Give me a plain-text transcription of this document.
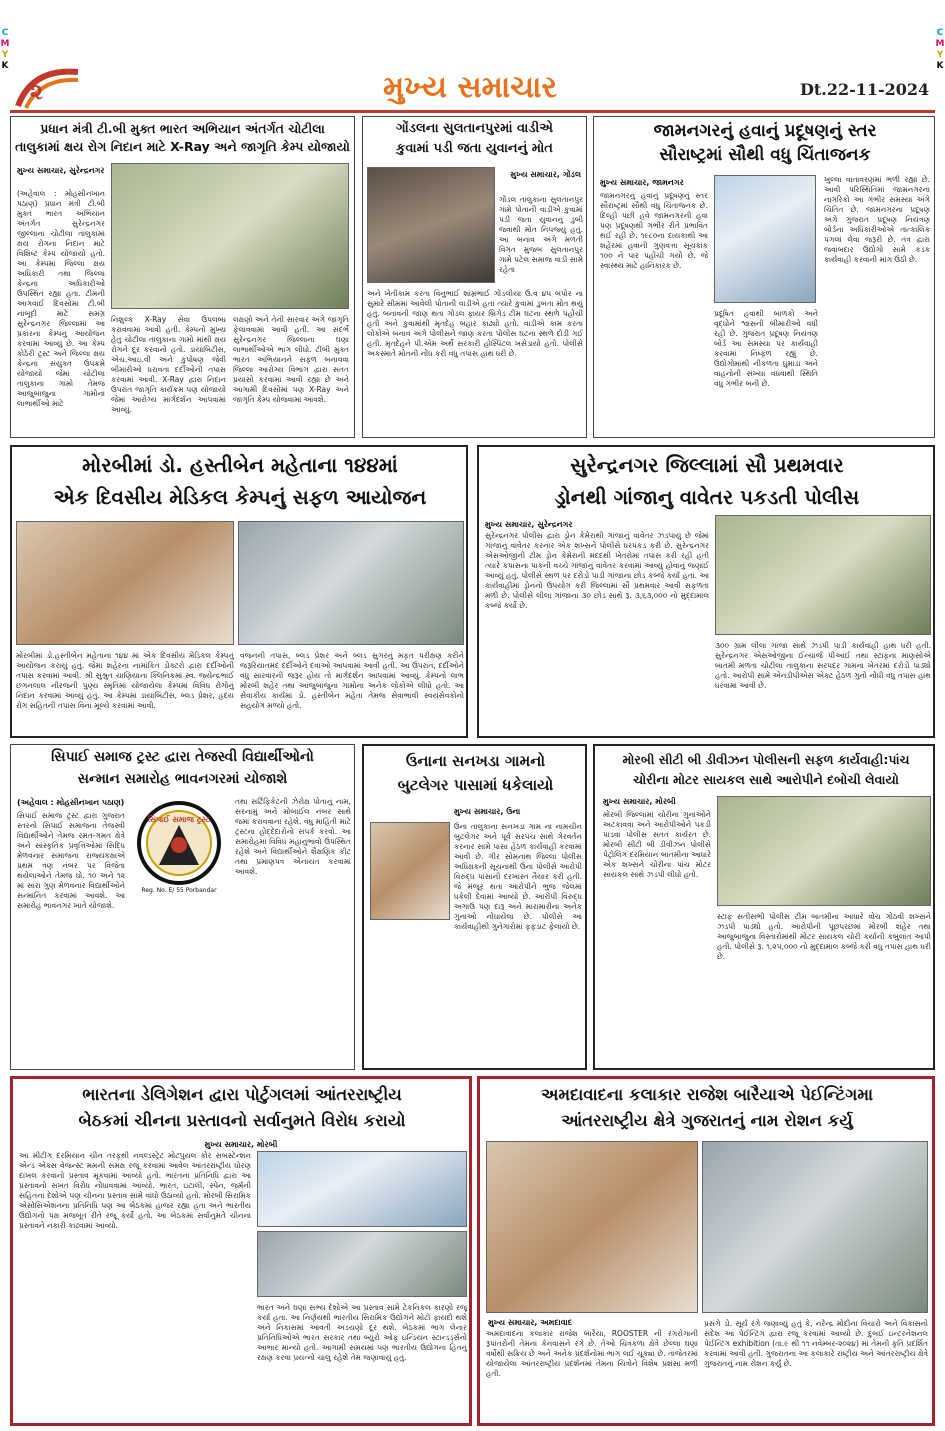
C
M
Y
K
C
M
Y
K
૨	મુખ્ય સમાચાર	Dt.22-11-2024
પ્રધાન મંત્રી ટી.બી મુક્ત ભારત અભિયાન અંતર્ગત ચોટીલા
તાલુકામાં ક્ષય રોગ નિદાન માટે X-Ray અને જાગૃતિ કેમ્પ યોજાયો
મુખ્ય સમાચાર, સુરેન્દ્રનગર
(અહેવાલ : મોહસીનખાન પઠાણ) પ્રધાન મંત્રી ટી.બી મુક્ત ભારત અભિયાન અંતર્ગત સુરેન્દ્રનગર જીલ્લાના ચોટીલા તાલુકામાં ક્ષય રોગના નિદાન માટે વિશિષ્ટ કેમ્પ યોજાયો હતો. આ કેમ્પમાં જિલ્લા ક્ષય અધિકારી તથા જિલ્લા કેન્દ્રના અધિકારીઓ ઉપસ્થિત રહ્યા હતા. ટીમની આગવાઈ દિવસોમાં ટી.બી નાબૂદી માટે સમગ્ર સુરેન્દ્રનગર જિલ્લામાં આ પ્રકારના કેમ્પનું આયોજન કરવામાં આવ્યું છે. આ કેમ્પ કોઠેરી ટ્રસ્ટ અને જિલ્લા ક્ષય કેન્દ્રના સંયુક્ત ઉપક્રમે યોજાયો જેમાં ચોટીલા તાલુકાના ગામો તેમજ આજુબાજુના ગામોના લાભાર્થીઓ માટે
નિશુલ્ક X-Ray સેવા ઉપલબ્ધ કરાવવામાં આવી હતી. કેમ્પનો મુખ્ય હેતુ ચોટીલા તાલુકાના ગામો માંથી ક્ષય રોગને દૂર કરવાનો હતો. ડાયાબિટીસ, એચ.આઇ.વી અને કુપોષણ જેવી બીમારીઓ ધરાવતા દર્દીઓની તપાસ કરવામાં આવી. X-Ray દ્વારા નિદાન ઉપરાંત જાગૃતિ કાર્યક્રમ પણ યોજાયો જેમાં આરોગ્ય માર્ગદર્શન આપવામાં આવ્યું.
લક્ષણો અને તેની સારવાર અંગે જાગૃતિ ફેલાવવામાં આવી હતી. આ સંદર્ભે સુરેન્દ્રનગર જિલ્લાના ઘણા લાભાર્થીઓએ ભાગ લીધો. ટીબી મુક્ત ભારત અભિયાનને સફળ બનાવવા જિલ્લા આરોગ્ય વિભાગ દ્વારા સતત પ્રયાસો કરવામાં આવી રહ્યા છે અને આગામી દિવસોમાં પણ X-Ray અને જાગૃતિ કેમ્પ યોજવામાં આવશે.
ગોંડલના સુલતાનપુરમાં વાડીએ
કુવામાં પડી જતા યુવાનનું મોત
મુખ્ય સમાચાર, ગોંડલ
ગોંડલ તાલુકાના સુલતાનપુર ગામે પોતાની વાડીએ કુવામાં પડી જતા યુવાનનું ડુબી જવાથી મોત નિપજ્યું હતું. આ બનાવ અંગે મળતી વિગત મુજબ સુલતાનપુર ગામે પટેલ સમાજ વાડી સામે રહેતા
અને ખેતીકામ કરતા વિનુભાઈ શાંમ્રભાઈ ગોંડલીયા ઉ.વ ૪૫ બપોર ના સુમારે સીમમાં આવેલી પોતાની વાડીએ હતા ત્યારે કુવામાં ડુબતા મોત થયું હતું. બનાવની જાણ થતા ગોંડલ ફાયર બ્રિગેડ ટીમ ઘટના સ્થળે પહોંચી હતી અને કુવામાંથી મૃતદેહ બહાર કાઢ્યો હતો. વાડીએ કામ કરતા લોકોએ બનાવ અંગે પોલીસને જાણ કરતા પોલીસ ઘટના સ્થળે દોડી ગઈ હતી. મૃતદેહને પી.એમ અર્થે સરકારી હોસ્પિટલ ખસેડાયો હતો. પોલીસે અકસ્માતે મોતની નોંધ કરી વધુ તપાસ હાથ ધરી છે.
જામનગરનું હવાનું પ્રદૂષણનું સ્તર
સૌરાષ્ટ્રમાં સૌથી વધુ ચિંતાજનક
મુખ્ય સમાચાર, જામનગર
જામનગરનું હવાનું પ્રદૂષણનું સ્તર સૌરાષ્ટ્રમાં સૌથી વધુ ચિંતાજનક છે. દિલ્હી પછી હવે જામનગરની હવા પણ પ્રદૂષણથી ગંભીર રીતે પ્રભાવિત થઈ રહી છે. ૧૯૮૦ના દાયકાથી આ શહેરમાં હવાની ગુણવત્તા સૂચકાંક ૧૦૦ ને પાર પહોંચી ગયો છે. જે સ્વાસ્થ્ય માટે હાનિકારક છે.
પ્રદૂષિત હવાથી બાળકો અને વૃદ્ધોને શ્વાસની બીમારીઓ વધી રહી છે. ગુજરાત પ્રદૂષણ નિયંત્રણ બોર્ડ આ સમસ્યા પર કાર્યવાહી કરવામાં નિષ્ફળ રહ્યું છે. ઉદ્યોગોમાંથી નીકળતા ધુમાડા અને વાહનોની સંખ્યા વધવાથી સ્થિતિ વધુ ગંભીર બની છે.
ખુલ્લા વાતાવરણમાં ભળી રહ્યા છે. આવી પરિસ્થિતિમાં જામનગરના નાગરિકો આ ગંભીર સમસ્યા અંગે ચિંતિત છે. જામનગરના પ્રદૂષણ અંગે ગુજરાત પ્રદૂષણ નિયંત્રણ બોર્ડના અધિકારીઓએ તાત્કાલિક પગલાં લેવા જરૂરી છે. તંત્ર દ્વારા જવાબદાર ઉદ્યોગો સામે કડક કાર્યવાહી કરવાની માંગ ઉઠી છે.
મોરબીમાં ડો. હસ્તીબેન મહેતાના ૧૪૪માં
એક દિવસીય મેડિકલ કેમ્પનું સફળ આયોજન
મોરબીમાં ડો.હસ્તીબેન મહેતાના ૧૪૪ માં એક દિવસીય મેડિકલ કેમ્પનું આયોજન કરાયું હતું. જેમાં શહેરના નામાંકિત ડોક્ટરો દ્વારા દર્દીઓની તપાસ કરવામાં આવી. શ્રી સુશ્રુત ચાણિયાના ક્લિનિકમાં સ્વ. જયેન્દ્રભાઈ છગનલાલ નીરજની પુણ્ય સ્મૃતિમાં યોજાયેલા કેમ્પમાં વિવિધ રોગોનું નિદાન કરવામાં આવ્યું હતું. આ કેમ્પમાં ડાયાબિટીસ, બ્લડ પ્રેશર, હૃદય રોગ સહિતની તપાસ વિના મૂલ્યે કરવામાં આવી.
વજનની તપાસ, બ્લડ પ્રેશર અને બ્લડ સુગરનું મફત પરીક્ષણ કરીને જરૂરિયાતમંદ દર્દીઓને દવાઓ આપવામાં આવી હતી. આ ઉપરાંત, દર્દીઓને વધુ સારવારની જરૂર હોય તો માર્ગદર્શન આપવામાં આવ્યું. કેમ્પનો લાભ મોરબી શહેર તથા આજુબાજુના ગામોના અનેક લોકોએ લીધો હતો. આ સેવાકીય કાર્યમાં ડો. હસ્તીબેન મહેતા તેમજ સેવાભાવી સ્વયંસેવકોનો સહયોગ મળ્યો હતો.
સુરેન્દ્રનગર જિલ્લામાં સૌ પ્રથમવાર
ડ્રોનથી ગાંજાનુ વાવેતર પકડતી પોલીસ
મુખ્ય સમાચાર, સુરેન્દ્રનગર
સુરેન્દ્રનગર પોલીસ દ્વારા ડ્રોન કેમેરાથી ગાંજાનું વાવેતર ઝડપાયું છે જેમાં ગાંજાનું વાવેતર કરનાર એક શખ્સને પોલીસે ધરપકડ કરી છે. સુરેન્દ્રનગર એસઓજીની ટીમ ડ્રોન કેમેરાની મદદથી ખેતરોમાં તપાસ કરી રહી હતી ત્યારે કપાસના પાકની વચ્ચે ગાંજાનું વાવેતર કરવામાં આવ્યું હોવાનું જણાઈ આવ્યું હતું. પોલીસે સ્થળ પર દરોડો પાડી ગાંજાના છોડ કબ્જે કર્યા હતા. આ કાર્યવાહીમાં ડ્રોનનો ઉપયોગ કરી જિલ્લામાં સૌ પ્રથમવાર આવી સફળતા મળી છે. પોલીસે લીલા ગાંજાના ૩૦ છોડ સાથે રૂ. ૩,૬૩,૦૦૦ નો મુદ્દામાલ કબ્જે કર્યો છે.
૩૦૦ ગ્રામ લીલા ગાંજા સાથે ઝડપી પાડી કાર્યવાહી હાથ ધરી હતી. સુરેન્દ્રનગર એસઓજીના ઈન્ચાર્જ પીઆઈ તથા સ્ટાફના માણસોએ બાતમી મળતા ચોટીલા તાલુકાના સરપદર ગામના ખેતરમાં દરોડો પાડ્યો હતો. આરોપી સામે એનડીપીએસ એક્ટ હેઠળ ગુનો નોંધી વધુ તપાસ હાથ ધરવામાં આવી છે.
સિપાઈ સમાજ ટ્રસ્ટ દ્વારા તેજસ્વી વિદ્યાર્થીઓનો
સન્માન સમારોહ ભાવનગરમાં યોજાશે
(અહેવાલ : મોહસીનખાન પઠાણ)
સિપાઈ સમાજ ટ્રસ્ટ
Reg. No. E/ 55 Porbandar
સિપાઈ સમાજ ટ્રસ્ટ દ્વારા ગુજરાત સ્તરનો સિપાઈ સમાજના તેજસ્વી વિદ્યાર્થીઓને તેમજ રમત-ગમત ક્ષેત્રે અને સાંસ્કૃતિક પ્રવૃત્તિઓમાં સિદ્ધિ મેળવનાર સમાજના રાજ્યકક્ષાએ પ્રથમ ત્રણ નંબર પર વિજેતા થયેલાઓને તેમજ ધો. ૧૦ અને ૧૨ માં સારા ગુણ મેળવનાર વિદ્યાર્થીઓને સન્માનિત કરવામાં આવશે. આ સમારોહ ભાવનગર ખાતે યોજાશે.
તથા સર્ટિફિકેટની ઝેરોક્ષ પોતાનું નામ, સરનામું અને મોબાઈલ નંબર સાથે જમા કરાવવાના રહેશે. વધુ માહિતી માટે ટ્રસ્ટના હોદ્દેદારોનો સંપર્ક કરવો. આ સમારોહમાં વિવિધ મહાનુભાવો ઉપસ્થિત રહેશે અને વિદ્યાર્થીઓને શૈક્ષણિક કીટ તથા પ્રમાણપત્ર એનાયત કરવામાં આવશે.
ઉનાના સનખડા ગામનો
બુટલેગર પાસામાં ધકેલાયો
મુખ્ય સમાચાર, ઉના
ઉના તાલુકાના સનખડા ગામ ના નામચીન બુટલેગર અને પૂર્વ સરપંચ સાથે ગેરવર્તન કરનાર સામે પાસા હેઠળ કાર્યવાહી કરવામાં આવી છે. ગીર સોમનાથ જિલ્લા પોલીસ અધિક્ષકની સૂચનાથી ઉના પોલીસે આરોપી વિરુદ્ધ પાસાની દરખાસ્ત તૈયાર કરી હતી. જે મંજૂર થતા આરોપીને ભુજ જેલમાં ધકેલી દેવામાં આવ્યો છે. આરોપી વિરુદ્ધ અગાઉ પણ દારૂ અને મારામારીના અનેક ગુનાઓ નોંધાયેલા છે. પોલીસે આ કાર્યવાહીથી ગુનેગારોમાં ફફડાટ ફેલાયો છે.
મોરબી સીટી બી ડીવીઝન પોલીસની સફળ કાર્યવાહી:પાંચ
ચોરીના મોટર સાયકલ સાથે આરોપીને દબોચી લેવાયો
મુખ્ય સમાચાર, મોરબી
મોરબી જિલ્લામાં ચોરીના ગુનાઓને અટકાવવા અને આરોપીઓને પકડી પાડવા પોલીસ સતત કાર્યરત છે. મોરબી સીટી બી ડીવીઝન પોલીસે પેટ્રોલિંગ દરમિયાન બાતમીના આધારે એક શખ્સને ચોરીના પાંચ મોટર સાયકલ સાથે ઝડપી લીધો હતો.
સ્ટાફ સતીસભી પોલીસ ટીમ બાતમીના આધારે વોચ ગોઠવી શખ્સને ઝડપી પાડ્યો હતો. આરોપીની પૂછપરછમાં મોરબી શહેર તથા આજુબાજુના વિસ્તારોમાંથી મોટર સાયકલ ચોરી કર્યાની કબુલાત આપી હતી. પોલીસે રૂ. ૧,૨૫,૦૦૦ નો મુદ્દામાલ કબ્જે કરી વધુ તપાસ હાથ ધરી છે.
ભારતના ડેલિગેશન દ્વારા પોર્ટુગલમાં આંતરરાષ્ટ્રીય
બેઠકમાં ચીનના પ્રસ્તાવનો સર્વાનુમતે વિરોધ કરાયો
મુખ્ય સમાચાર, મોરબી
આ મીટીંગ દરમિયાન ચીન તરફથી નવલ્ડસ્ટ્રેટ મોટપુયલ કોર સબસ્ટેન્શન એન્ડ એક્સ વેજન્સ્ટ મમની સમક્ષ રજૂ કરવામાં આવેલ આંતરરાષ્ટ્રીય ધોરણ દાખલ કરવાનો પ્રસ્તાવ મૂકવામાં આવ્યો હતો. ભારતના પ્રતિનિધિ દ્વારા આ પ્રસ્તાવનો સખત વિરોધ નોંધાવવામાં આવ્યો. ભારત, ઇટાલી, સ્પેન, જર્મની સહિતના દેશોએ પણ ચીનના પ્રસ્તાવ સામે વાંધો ઉઠાવ્યો હતો. મોરબી સિરામિક એસોસિએશનના પ્રતિનિધિ પણ આ બેઠકમાં હાજર રહ્યા હતા અને ભારતીય ઉદ્યોગનો પક્ષ મજબૂત રીતે રજૂ કર્યો હતો. આ બેઠકમાં સર્વાનુમતે ચીનના પ્રસ્તાવને નકારી કાઢવામાં આવ્યો.
ભારત અને ઘણાં સભ્ય દેશોએ આ પ્રસ્તાવ સામે ટેકનિકલ કારણો રજૂ કર્યા હતા. આ નિર્ણયથી ભારતીય સિરામિક ઉદ્યોગને મોટો ફાયદો થશે અને નિકાસમાં આવતી અડચણો દૂર થશે. બેઠકમાં ભાગ લેનાર પ્રતિનિધિઓએ ભારત સરકાર તથા બ્યુરો ઓફ ઇન્ડિયન સ્ટાન્ડર્ડ્સનો આભાર માન્યો હતો. આગામી સમયમાં પણ ભારતીય ઉદ્યોગના હિતનું રક્ષણ કરવા પ્રયત્નો ચાલુ રહેશે તેમ જણાવાયું હતું.
અમદાવાદના કલાકાર રાજેશ બારૈયાએ પેઈન્ટિંગમા
આંતરરાષ્ટ્રીય ક્ષેત્રે ગુજરાતનું નામ રોશન કર્યુ
મુખ્ય સમાચાર, અમદાવાદ
અમદાવાદના કલાકાર રાજેશ બારૈયા, ROOSTER ની રંગરોગાની રૂપાંતરોની તેમના કેનવાસને રંગે છે. તેઓ ચિત્રકળા ક્ષેત્રે છેલ્લા ઘણા વર્ષોથી સક્રિય છે અને અનેક પ્રદર્શનોમાં ભાગ લઈ ચૂક્યા છે. તાજેતરમાં યોજાયેલા આંતરરાષ્ટ્રીય પ્રદર્શનમાં તેમના ચિત્રોને વિશેષ પ્રશંસા મળી હતી.
પ્રસંગે ડો. સૂર્ય રંગે જણાવ્યું હતું કે, નરેન્દ્ર મોદીના વિચારો અને વિકાસનો સંદેશ આ પેઈન્ટિંગ દ્વારા રજૂ કરવામાં આવ્યો છે. દુબઈ ઇન્ટરનેશનલ પેઈન્ટિંગ exhibition (તા.૯ થી ૧૧ નવેમ્બર-૨૦૨૪) માં તેમની કૃતિ પ્રદર્શિત કરવામાં આવી હતી. ગુજરાતના આ કલાકારે રાષ્ટ્રીય અને આંતરરાષ્ટ્રીય ક્ષેત્રે ગુજરાતનું નામ રોશન કર્યું છે.
